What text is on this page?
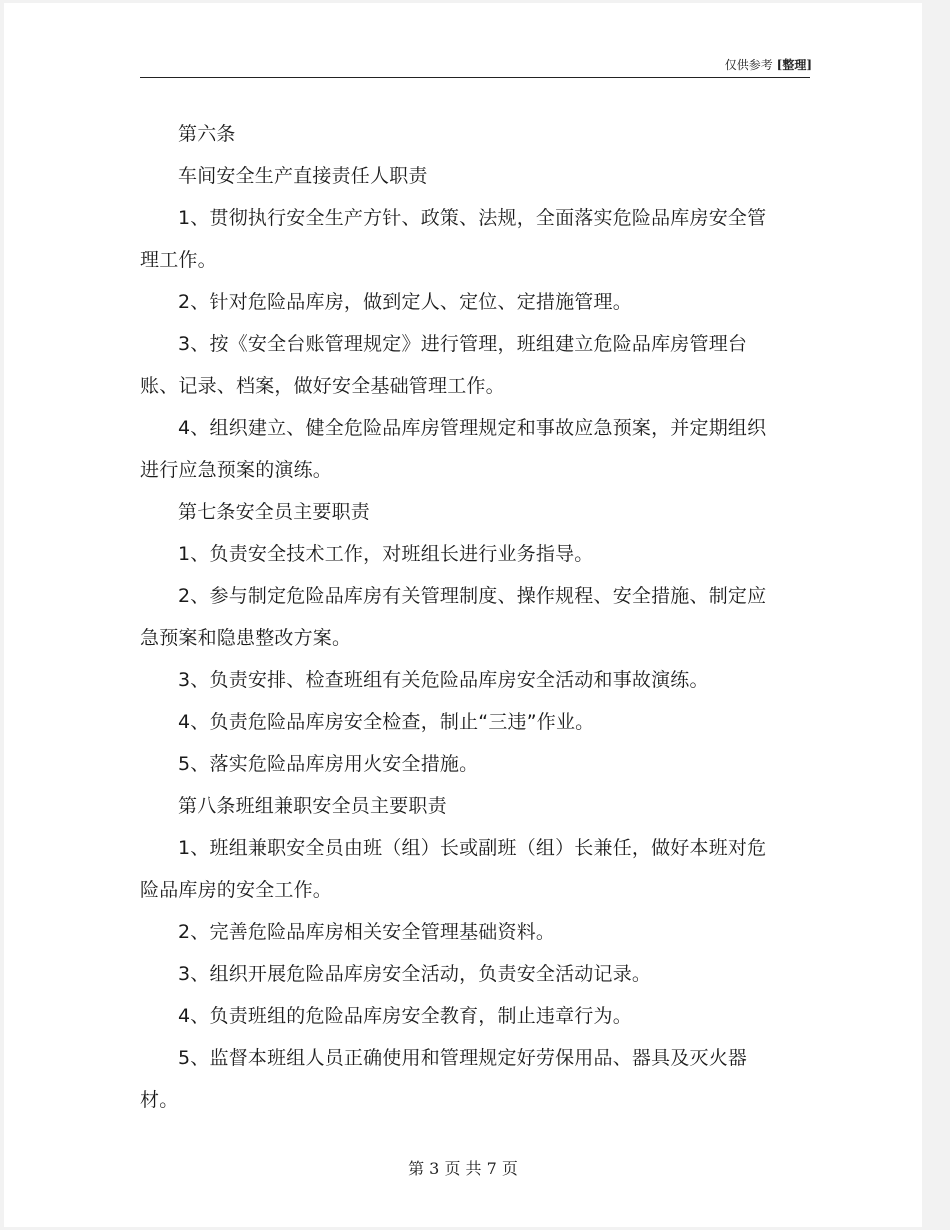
仅供参考 [整理]

第六条

车间安全生产直接责任人职责

1、贯彻执行安全生产方针、政策、法规，全面落实危险品库房安全管理工作。

2、针对危险品库房，做到定人、定位、定措施管理。

3、按《安全台账管理规定》进行管理，班组建立危险品库房管理台账、记录、档案，做好安全基础管理工作。

4、组织建立、健全危险品库房管理规定和事故应急预案，并定期组织进行应急预案的演练。

第七条安全员主要职责

1、负责安全技术工作，对班组长进行业务指导。

2、参与制定危险品库房有关管理制度、操作规程、安全措施、制定应急预案和隐患整改方案。

3、负责安排、检查班组有关危险品库房安全活动和事故演练。

4、负责危险品库房安全检查，制止“三违”作业。

5、落实危险品库房用火安全措施。

第八条班组兼职安全员主要职责

1、班组兼职安全员由班（组）长或副班（组）长兼任，做好本班对危险品库房的安全工作。

2、完善危险品库房相关安全管理基础资料。

3、组织开展危险品库房安全活动，负责安全活动记录。

4、负责班组的危险品库房安全教育，制止违章行为。

5、监督本班组人员正确使用和管理规定好劳保用品、器具及灭火器材。

第 3 页 共 7 页
